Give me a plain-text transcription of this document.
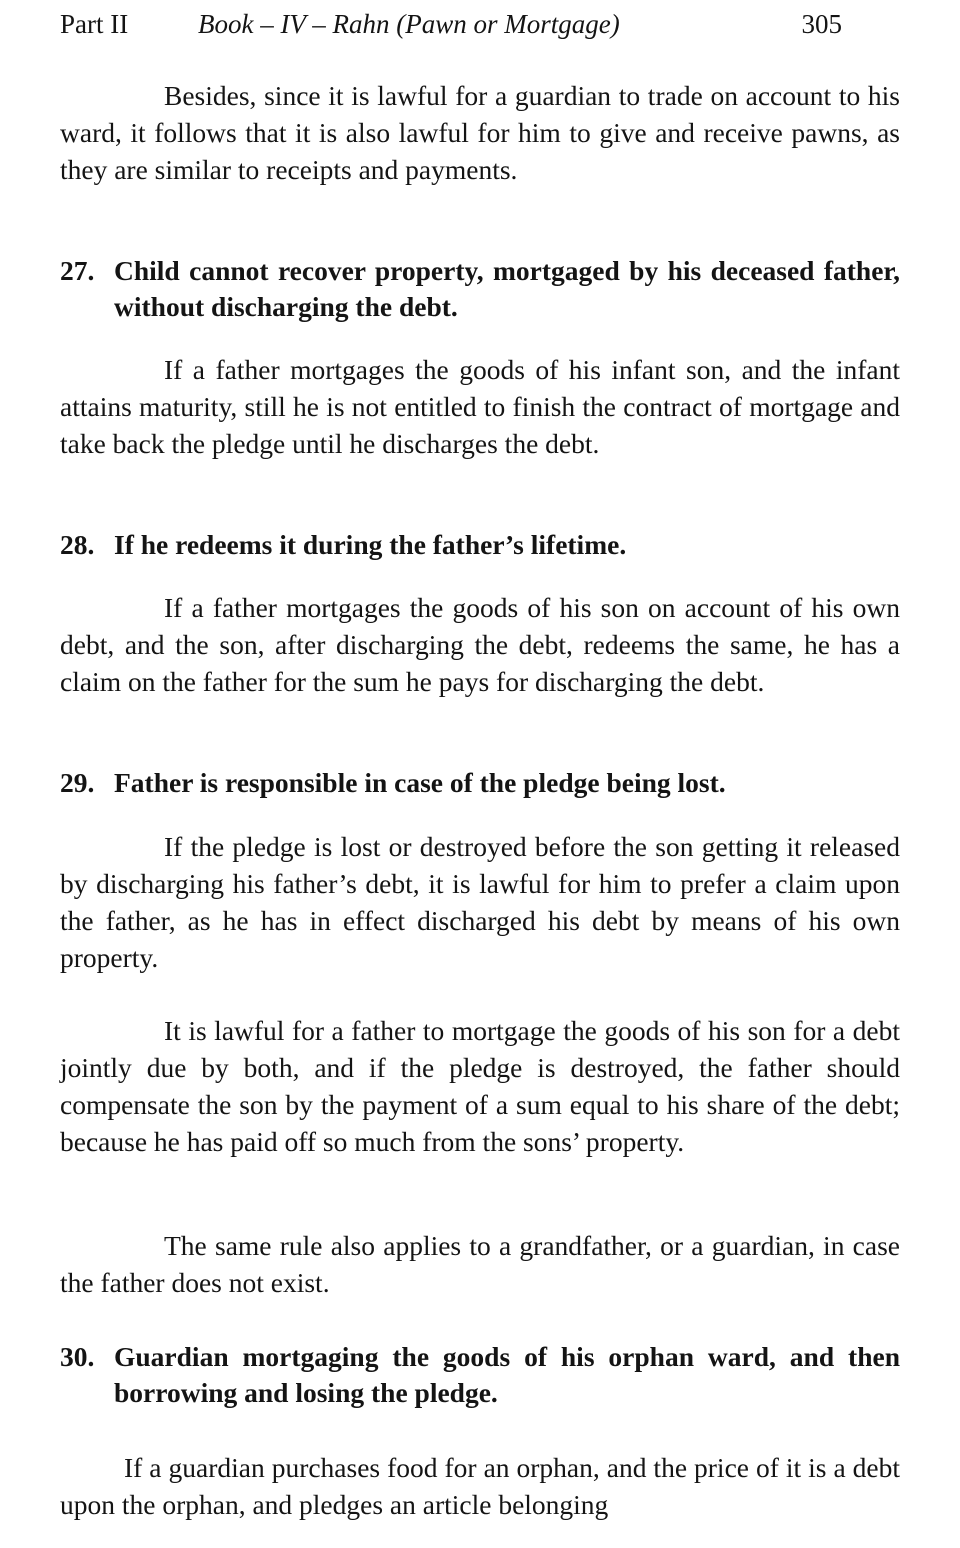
Part II	Book – IV – Rahn (Pawn or Mortgage)	305

Besides, since it is lawful for a guardian to trade on account to his ward, it follows that it is also lawful for him to give and receive pawns, as they are similar to receipts and payments.

27. Child cannot recover property, mortgaged by his deceased father, without discharging the debt.

If a father mortgages the goods of his infant son, and the infant attains maturity, still he is not entitled to finish the contract of mortgage and take back the pledge until he discharges the debt.

28. If he redeems it during the father’s lifetime.

If a father mortgages the goods of his son on account of his own debt, and the son, after discharging the debt, redeems the same, he has a claim on the father for the sum he pays for discharging the debt.

29. Father is responsible in case of the pledge being lost.

If the pledge is lost or destroyed before the son getting it released by discharging his father’s debt, it is lawful for him to prefer a claim upon the father, as he has in effect discharged his debt by means of his own property.

It is lawful for a father to mortgage the goods of his son for a debt jointly due by both, and if the pledge is destroyed, the father should compensate the son by the payment of a sum equal to his share of the debt; because he has paid off so much from the sons’ property.

The same rule also applies to a grandfather, or a guardian, in case the father does not exist.

30. Guardian mortgaging the goods of his orphan ward, and then borrowing and losing the pledge.

If a guardian purchases food for an orphan, and the price of it is a debt upon the orphan, and pledges an article belonging
